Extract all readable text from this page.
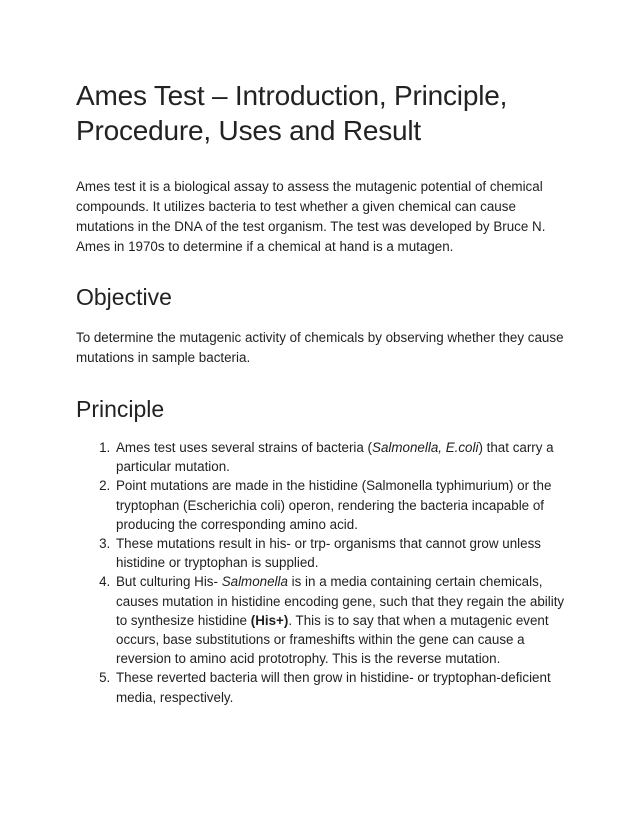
Ames Test – Introduction, Principle, Procedure, Uses and Result

Ames test it is a biological assay to assess the mutagenic potential of chemical compounds. It utilizes bacteria to test whether a given chemical can cause mutations in the DNA of the test organism. The test was developed by Bruce N. Ames in 1970s to determine if a chemical at hand is a mutagen.

Objective

To determine the mutagenic activity of chemicals by observing whether they cause mutations in sample bacteria.

Principle
1. Ames test uses several strains of bacteria (Salmonella, E.coli) that carry a particular mutation.
2. Point mutations are made in the histidine (Salmonella typhimurium) or the tryptophan (Escherichia coli) operon, rendering the bacteria incapable of producing the corresponding amino acid.
3. These mutations result in his- or trp- organisms that cannot grow unless histidine or tryptophan is supplied.
4. But culturing His- Salmonella is in a media containing certain chemicals, causes mutation in histidine encoding gene, such that they regain the ability to synthesize histidine (His+). This is to say that when a mutagenic event occurs, base substitutions or frameshifts within the gene can cause a reversion to amino acid prototrophy. This is the reverse mutation.
5. These reverted bacteria will then grow in histidine- or tryptophan-deficient media, respectively.
